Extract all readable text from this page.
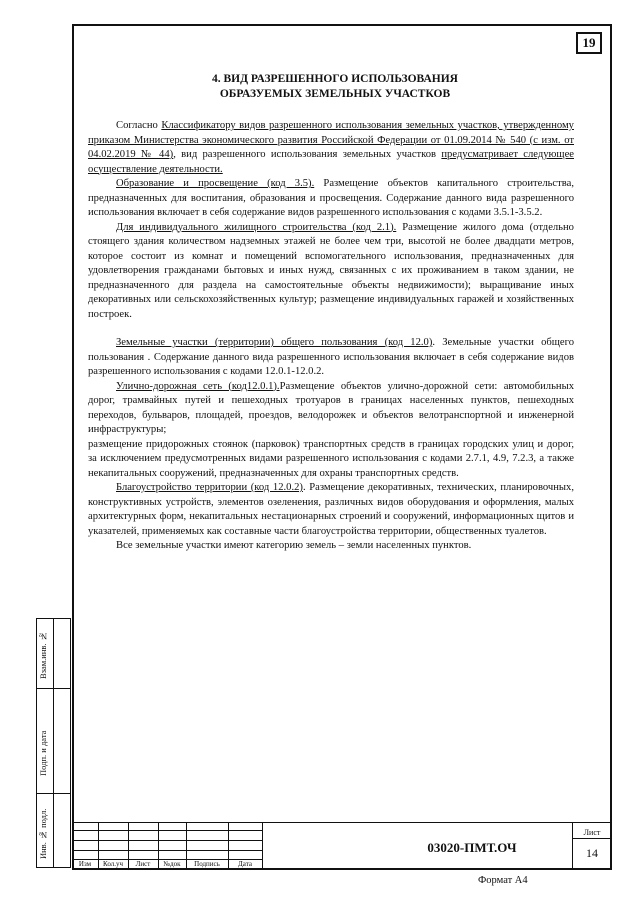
19
4. ВИД РАЗРЕШЕННОГО ИСПОЛЬЗОВАНИЯ
ОБРАЗУЕМЫХ ЗЕМЕЛЬНЫХ УЧАСТКОВ

Согласно Классификатору видов разрешенного использования земельных участков, утвержденному приказом Министерства экономического развития Российской Федерации от 01.09.2014 № 540 (с изм. от 04.02.2019 № 44), вид разрешенного использования земельных участков предусматривает следующее осуществление деятельности.

Образование и просвещение (код 3.5). Размещение объектов капитального строительства, предназначенных для воспитания, образования и просвещения. Содержание данного вида разрешенного использования включает в себя содержание видов разрешенного использования с кодами 3.5.1-3.5.2.

Для индивидуального жилищного строительства (код 2.1). Размещение жилого дома (отдельно стоящего здания количеством надземных этажей не более чем три, высотой не более двадцати метров, которое состоит из комнат и помещений вспомогательного использования, предназначенных для удовлетворения гражданами бытовых и иных нужд, связанных с их проживанием в таком здании, не предназначенного для раздела на самостоятельные объекты недвижимости); выращивание иных декоративных или сельскохозяйственных культур; размещение индивидуальных гаражей и хозяйственных построек.

Земельные участки (территории) общего пользования (код 12.0). Земельные участки общего пользования . Содержание данного вида разрешенного использования включает в себя содержание видов разрешенного использования с кодами 12.0.1-12.0.2.

Улично-дорожная сеть (код12.0.1).Размещение объектов улично-дорожной сети: автомобильных дорог, трамвайных путей и пешеходных тротуаров в границах населенных пунктов, пешеходных переходов, бульваров, площадей, проездов, велодорожек и объектов велотранспортной и инженерной инфраструктуры;

размещение придорожных стоянок (парковок) транспортных средств в границах городских улиц и дорог, за исключением предусмотренных видами разрешенного использования с кодами 2.7.1, 4.9, 7.2.3, а также некапитальных сооружений, предназначенных для охраны транспортных средств.

Благоустройство территории (код 12.0.2). Размещение декоративных, технических, планировочных, конструктивных устройств, элементов озеленения, различных видов оборудования и оформления, малых архитектурных форм, некапитальных нестационарных строений и сооружений, информационных щитов и указателей, применяемых как составные части благоустройства территории, общественных туалетов.

Все земельные участки имеют категорию земель – земли населенных пунктов.

Взам.инв. №
Подп. и дата
Инв. № подл.
Изм	Кол.уч	Лист	№док	Подпись	Дата
03020-ПМТ.ОЧ
Лист
14
Формат А4
